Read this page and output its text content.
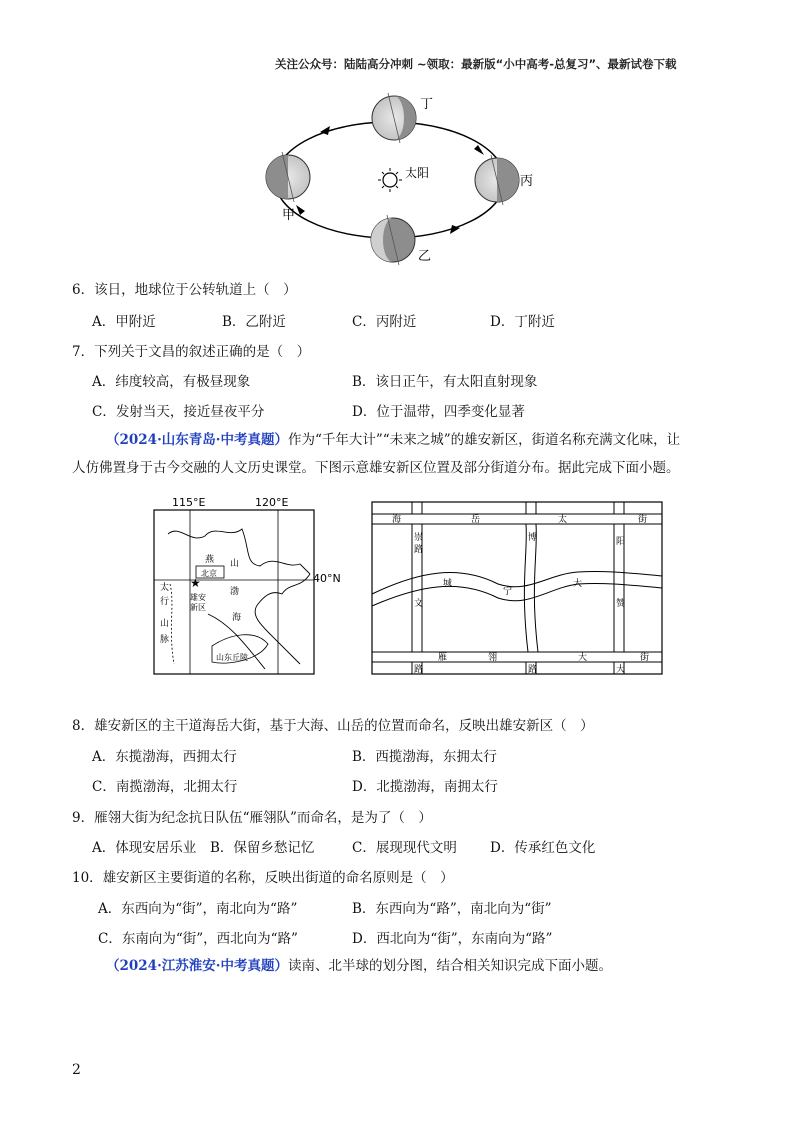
关注公众号：陆陆高分冲刺 ~领取：最新版“小中高考-总复习”、最新试卷下载
太阳
丁
甲
丙
乙
6．该日，地球位于公转轨道上（　）
A．甲附近	B．乙附近	C．丙附近	D．丁附近
7．下列关于文昌的叙述正确的是（　）
A．纬度较高，有极昼现象	B．该日正午，有太阳直射现象
C．发射当天，接近昼夜平分	D．位于温带，四季变化显著
（2024·山东青岛·中考真题）作为“千年大计”“未来之城”的雄安新区，街道名称充满文化味，让
人仿佛置身于古今交融的人文历史课堂。下图示意雄安新区位置及部分街道分布。据此完成下面小题。
115°E	120°E
40°N
燕 山
北京
★
雄安
新区
渤
海
太
行
山
脉
山东丘陵
海	岳	太	街
崇	博
路
阳
文	赞
大
城
宁
雁	翎	大	街
路	路	大
8．雄安新区的主干道海岳大街，基于大海、山岳的位置而命名，反映出雄安新区（　）
A．东揽渤海，西拥太行	B．西揽渤海，东拥太行
C．南揽渤海，北拥太行	D．北揽渤海，南拥太行
9．雁翎大街为纪念抗日队伍“雁翎队”而命名，是为了（　）
A．体现安居乐业 B．保留乡愁记忆	C．展现现代文明 D．传承红色文化
10．雄安新区主要街道的名称，反映出街道的命名原则是（　）
A．东西向为“街”，南北向为“路”	B．东西向为“路”，南北向为“街”
C．东南向为“街”，西北向为“路”	D．西北向为“街”，东南向为“路”
（2024·江苏淮安·中考真题）读南、北半球的划分图，结合相关知识完成下面小题。
2
